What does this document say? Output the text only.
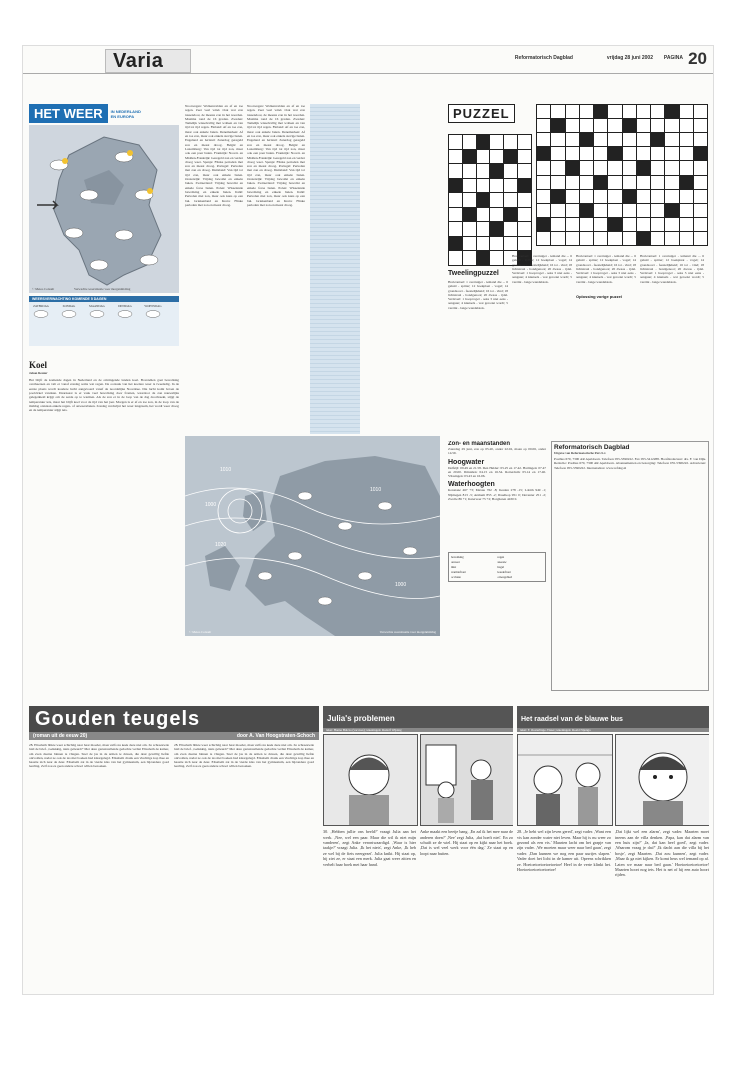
Varia	Reformatorisch Dagblad	vrijdag 28 juni 2002 PAGINA 20
HET WEER	IN NEDERLAND
EN EUROPA
© Meteo Consult	Verwachte weersituatie voor morgenmiddag
WEERSVERWACHTING KOMENDE 5 DAGEN
ZATERDAG
	ZONDAG
	MAANDAG
	DINSDAG
	WOENSDAG
Koel
Johan Reuter
Het blijft de komende dagen in Nederland en de omringende landen koel. Bovendien gaat bewolking overheersen en valt er vanaf zondag soms wat regen. De oorzaak van het koelere weer is tweeledig. In de eerste plaats wordt koudere lucht aangevoerd vanaf de noordelijke Noordzee. Die lucht komt boven de poolcirkel vandaan. Daarnaast is er vaak veel bewolking door fronten, waardoor de zon nauwelijks gelegenheid krijgt om de aarde op te warmen. Als de zon er in de loop van de dag doorbreekt, stijgt de temperatuur iets, maar het blijft koel voor de tijd van het jaar. Morgen is er af en toe zon, in de loop van de middag ontstaan enkele regen- of onweersbuien. Zondag verdwijnt het weer langzaam, het wordt weer droog en de temperatuur stijgt iets.
Noorwegen: Wolkenvelden en af en toe regen. Zeer veel wind. Ook wat zon tussendoor, de meeste zon in het noorden. Maxima rond de 16 graden. Zweden: Tamelijk wisselvallig met wolken en van tijd tot tijd regen. Finland: Af en toe zon, maar ook enkele buien. Denemarken: Af en toe zon, maar ook enkele stevige buien. Engeland en Ierland: Zaterdag geregeld zon en meest droog. België en Luxemburg: Van tijd tot tijd zon, maar ook een paar buien. Frankrijk: Noord- en Midden-Frankrijk: Geregeld zon en verder droog weer. Spanje: Flinke perioden met zon en meest droog. Portugal: Perioden met zon en droog. Duitsland: Van tijd tot tijd zon, maar ook enkele buien. Oostenrijk: Vrijdag bewolkt en enkele buien. Zwitserland: Vrijdag bewolkt en enkele forse buien. Polen: Wisselende bewolking en enkele buien. Italië: Perioden met zon, maar ook kans op een bui. Griekenland en Kreta: Flinke perioden met zon en meest droog.
Noorwegen: Wolkenvelden en af en toe regen. Zeer veel wind. Ook wat zon tussendoor, de meeste zon in het noorden. Maxima rond de 16 graden. Zweden: Tamelijk wisselvallig met wolken en van tijd tot tijd regen. Finland: Af en toe zon, maar ook enkele buien. Denemarken: Af en toe zon, maar ook enkele stevige buien. Engeland en Ierland: Zaterdag geregeld zon en meest droog. België en Luxemburg: Van tijd tot tijd zon, maar ook een paar buien. Frankrijk: Noord- en Midden-Frankrijk: Geregeld zon en verder droog weer. Spanje: Flinke perioden met zon en meest droog. Portugal: Perioden met zon en droog. Duitsland: Van tijd tot tijd zon, maar ook enkele buien. Oostenrijk: Vrijdag bewolkt en enkele buien. Zwitserland: Vrijdag bewolkt en enkele forse buien. Polen: Wisselende bewolking en enkele buien. Italië: Perioden met zon, maar ook kans op een bui. Griekenland en Kreta: Flinke perioden met zon en meest droog.
1010
1000
1020
1010
1000
© Meteo Consult	Verwachte weersituatie voor morgenmiddag
PUZZEL
Tweelingpuzzel
Horizontaal: 1 overtuiger - iemand die ... 6 geluid - spitter; 12 boekplaat - vogel; 14 grondsoort - feestelijkheid; 16 tot - vind; 18 lichtstraal - bondgenoot; 20 dwaas - ijdel. Verticaal: 1 hoopvogel - seks 3 niet eens - aangaan; 4 knutsels - wat gerookt wordt; 5 verzint - lange wandelstok.
Horizontaal: 1 overtuiger - iemand die ... 6 geluid - spitter; 12 boekplaat - vogel; 14 grondsoort - feestelijkheid; 16 tot - vind; 18 lichtstraal - bondgenoot; 20 dwaas - ijdel. Verticaal: 1 hoopvogel - seks 3 niet eens - aangaan; 4 knutsels - wat gerookt wordt; 5 verzint - lange wandelstok.
Horizontaal: 1 overtuiger - iemand die ... 6 geluid - spitter; 12 boekplaat - vogel; 14 grondsoort - feestelijkheid; 16 tot - vind; 18 lichtstraal - bondgenoot; 20 dwaas - ijdel. Verticaal: 1 hoopvogel - seks 3 niet eens - aangaan; 4 knutsels - wat gerookt wordt; 5 verzint - lange wandelstok.
Oplossing vorige puzzel
Horizontaal: 1 overtuiger - iemand die ... 6 geluid - spitter; 12 boekplaat - vogel; 14 grondsoort - feestelijkheid; 16 tot - vind; 18 lichtstraal - bondgenoot; 20 dwaas - ijdel. Verticaal: 1 hoopvogel - seks 3 niet eens - aangaan; 4 knutsels - wat gerookt wordt; 5 verzint - lange wandelstok.
Zon- en maanstanden
Zaterdag 29 juni, zon op 05.20, onder 22.02, maan op 00.06, onder 14.59.
Hoogwater
Delfzijl: 09.49 en 21.58. Den Helder: 05.25 en 17.42. Harlingen: 07.47 en 20.00. IJmuiden: 04.15 en 16.34. Rotterdam: 05.14 en 17.40. Vlissingen: 03.43 en 16.06.
Waterhoogten
Konstanz 467 +3; Maxau 762 -8; Keulen 278 -15; Lobith 949 -1; Nijmegen 813 -5; Arnhem 853 -2; IJsselkop 951 0; Deventer 251 -2; Zwolle 86 +1; Katerveer 75 +2; Borgharen 4430 0.
bewolking	regen
onweer	sneeuw
mist	hagel
warmtefront	koudefront
occlusie	onwegebied
Reformatorisch Dagblad
Uitgave van Reformatorische Pers b.v.
Postbus 670, 7300 AR Apeldoorn. Telefoon 055-5390222. Fax 055-5412288. Hoofdredacteur: drs. F. van Dijk. Redactie: Postbus 670, 7300 AR Apeldoorn. Abonnementen en bezorging: Telefoon 055-5390222. Adverteren: Telefoon 055-5390222. Internetadres: www.refdag.nl
Gouden teugels
(roman uit de eeuw 20)	door A. Van Hoogstraten-Schoch
28. Elisabeth blikte weer schichtig naar haar moeder, maar zelfs nu keek deze niet om. Ze schreeuwde luid de brief. ,Gelukkig, niets gebeurd?' Met deze geruststellende gedachte verliet Elisabeth de kamer, om even daarna binnen te vliegen. Snel de jas in de armen te duwen, die deur gewillig liefde ontvolden, nadat ze ook de tas met boeken had klaargelegd. Elisabeth dronk een vluchtige kop thee en haastte zich naar de deur. Elisabeth zat in de vierde klas van het gymnasium, een bijzondere goed leerling. Zelf zou ze geen andere school willen bezoeken.
28. Elisabeth blikte weer schichtig naar haar moeder, maar zelfs nu keek deze niet om. Ze schreeuwde luid de brief. ,Gelukkig, niets gebeurd?' Met deze geruststellende gedachte verliet Elisabeth de kamer, om even daarna binnen te vliegen. Snel de jas in de armen te duwen, die deur gewillig liefde ontvolden, nadat ze ook de tas met boeken had klaargelegd. Elisabeth dronk een vluchtige kop thee en haastte zich naar de deur. Elisabeth zat in de vierde klas van het gymnasium, een bijzondere goed leerling. Zelf zou ze geen andere school willen bezoeken.
Julia's problemen
tekst: Hanne Balczo (vaccues); tekeningen: Rudolf Wijsing
30. ,Hebben jullie ons beeld?' vraagt Julia aan het werk. ,Nee, wel een paar. Maar die wil ik niet mijn vanderen', zegt Anke verontwaardigd. ,Waar is hier taakje?' vraagt Julia. ,Ik het niets', zegt Anke, ,Ik heb ze wel bij de fiets neergezet'. Julia knikt. Hij staat op, hij ziet ze, er staat een merk. Julia gaat weer zitten en verhelt haar boek met haar hand.
Anke maakt een beetje bang. ,En zal ik het mee naar de anderen doen?' ,Nee' zegt Julia, ,dat hoeft niet'. En zo schuift ze de wiel. Hij staat op en kijkt naar het boek. ,Dat is wel veel werk voor één dag.' Ze staat op en loopt naar buiten.
Het raadsel van de blauwe bus
tekst: F. Oosterlinge-Visser; tekeningen: Roald Nijenga
28. ,Je hebt wel zijn leven gered', zegt vader. ,Want een vis kan zonder water niet leven. Maar hij is nu weer zo gezond als een vis.' Maarten lacht om het grapje van zijn vader. ,We moeten maar weer naar bed gaan', zegt vader. ,Dan kunnen we nog een paar uurtjes slapen.' Vader doet het licht in de kamer uit. Opeens schrikken ze. Hoeioeioeioeioeioeioe! Heel in de verte klinkt het. Hoeioeioeioeioeioeioe!
,Dat lijkt wel een alarm', zegt vader. Maarten moet ineens aan de villa denken. ,Papa, kan dat alarm van een huis zijn?' ,Ja, dat kan heel goed', zegt vader. ,Waarom vraag je dat?' ,Ik dacht aan die villa bij het bosje', zegt Maarten. ,Dat zou kunnen', zegt vader. ,Maar ik ga niet kijken. Er komt heus wel iemand op af. Laten we maar naar bed gaan.' Hoeioeioeioeioeioe! Maarten hoort nog iets. Het is net of hij een auto hoort rijden.
